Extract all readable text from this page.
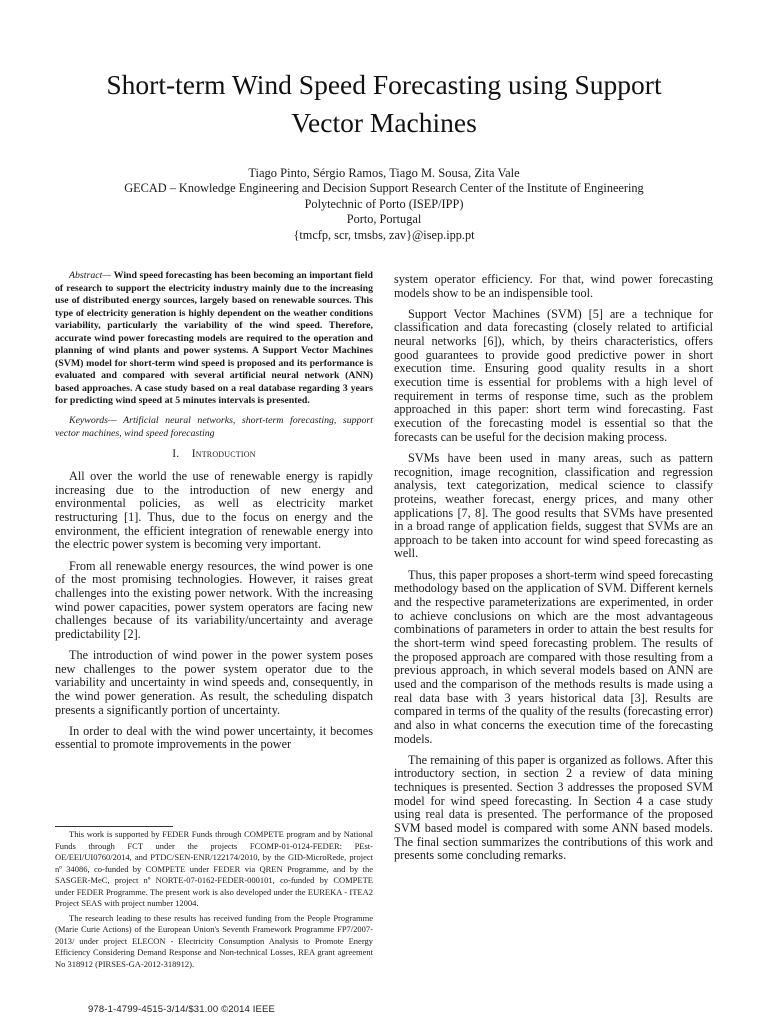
Short-term Wind Speed Forecasting using Support
Vector Machines
Tiago Pinto, Sérgio Ramos, Tiago M. Sousa, Zita Vale
GECAD – Knowledge Engineering and Decision Support Research Center of the Institute of Engineering
Polytechnic of Porto (ISEP/IPP)
Porto, Portugal
{tmcfp, scr, tmsbs, zav}@isep.ipp.pt

Abstract— Wind speed forecasting has been becoming an important field of research to support the electricity industry mainly due to the increasing use of distributed energy sources, largely based on renewable sources. This type of electricity generation is highly dependent on the weather conditions variability, particularly the variability of the wind speed. Therefore, accurate wind power forecasting models are required to the operation and planning of wind plants and power systems. A Support Vector Machines (SVM) model for short-term wind speed is proposed and its performance is evaluated and compared with several artificial neural network (ANN) based approaches. A case study based on a real database regarding 3 years for predicting wind speed at 5 minutes intervals is presented.

Keywords— Artificial neural networks, short-term forecasting, support vector machines, wind speed forecasting

I. Introduction

All over the world the use of renewable energy is rapidly increasing due to the introduction of new energy and environmental policies, as well as electricity market restructuring [1]. Thus, due to the focus on energy and the environment, the efficient integration of renewable energy into the electric power system is becoming very important.

From all renewable energy resources, the wind power is one of the most promising technologies. However, it raises great challenges into the existing power network. With the increasing wind power capacities, power system operators are facing new challenges because of its variability/uncertainty and average predictability [2].

The introduction of wind power in the power system poses new challenges to the power system operator due to the variability and uncertainty in wind speeds and, consequently, in the wind power generation. As result, the scheduling dispatch presents a significantly portion of uncertainty.

In order to deal with the wind power uncertainty, it becomes essential to promote improvements in the power

system operator efficiency. For that, wind power forecasting models show to be an indispensible tool.

Support Vector Machines (SVM) [5] are a technique for classification and data forecasting (closely related to artificial neural networks [6]), which, by theirs characteristics, offers good guarantees to provide good predictive power in short execution time. Ensuring good quality results in a short execution time is essential for problems with a high level of requirement in terms of response time, such as the problem approached in this paper: short term wind forecasting. Fast execution of the forecasting model is essential so that the forecasts can be useful for the decision making process.

SVMs have been used in many areas, such as pattern recognition, image recognition, classification and regression analysis, text categorization, medical science to classify proteins, weather forecast, energy prices, and many other applications [7, 8]. The good results that SVMs have presented in a broad range of application fields, suggest that SVMs are an approach to be taken into account for wind speed forecasting as well.

Thus, this paper proposes a short-term wind speed forecasting methodology based on the application of SVM. Different kernels and the respective parameterizations are experimented, in order to achieve conclusions on which are the most advantageous combinations of parameters in order to attain the best results for the short-term wind speed forecasting problem. The results of the proposed approach are compared with those resulting from a previous approach, in which several models based on ANN are used and the comparison of the methods results is made using a real data base with 3 years historical data [3]. Results are compared in terms of the quality of the results (forecasting error) and also in what concerns the execution time of the forecasting models.

The remaining of this paper is organized as follows. After this introductory section, in section 2 a review of data mining techniques is presented. Section 3 addresses the proposed SVM model for wind speed forecasting. In Section 4 a case study using real data is presented. The performance of the proposed SVM based model is compared with some ANN based models. The final section summarizes the contributions of this work and presents some concluding remarks.

This work is supported by FEDER Funds through COMPETE program and by National Funds through FCT under the projects FCOMP-01-0124-FEDER: PEst-OE/EEI/UI0760/2014, and PTDC/SEN-ENR/122174/2010, by the GID-MicroRede, project nº 34086, co-funded by COMPETE under FEDER via QREN Programme, and by the SASGER-MeC, project nº NORTE-07-0162-FEDER-000101, co-funded by COMPETE under FEDER Programme. The present work is also developed under the EUREKA - ITEA2 Project SEAS with project number 12004.

The research leading to these results has received funding from the People Programme (Marie Curie Actions) of the European Union's Seventh Framework Programme FP7/2007-2013/ under project ELECON - Electricity Consumption Analysis to Promote Energy Efficiency Considering Demand Response and Non-technical Losses, REA grant agreement No 318912 (PIRSES-GA-2012-318912).

978-1-4799-4515-3/14/$31.00 ©2014 IEEE
